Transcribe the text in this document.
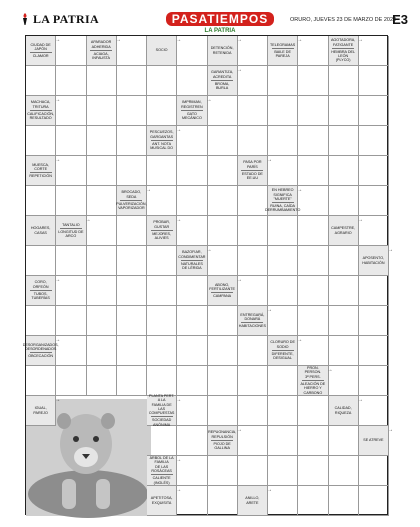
LA PATRIA	PASATIEMPOS
LA PATRIA
ORURO, JUEVES 23 DE MARZO DE 2023
E3
CIUDAD DE
JAPÓN
CLAMOR
→	APARADOR
ADHERIDA
ACIAGA,
INFAUSTA
→
SOCIO
→
DETENCIÓN,
RETENIDA
→
TELEGRAMAS
BAILE DE
PAREJA
→	AGOTADORA,
FATIGANTE
HEMBRA DEL
LEÓN
(PLYCO)
→
GARANTIZA,
ACREDITA
BROMA,
BURLA
→
MACHACA,
TRITURA
CALIFICACIÓN,
RESULTADO
→	IMPRIMAN,
REGISTREN
GATO
MECÁNICO
→
PESCUEZOS,
GARGANTAS
ANT. NOTA
MUSICAL DO
→
MUESCA,
CORTE
REPETICIÓN
→	PASA POR
PARÍS
ESTADO DE
EE.UU
→
BROCADO,
SEDA
PULVERIZACIÓN,
VAPORIZADOR
→	EN HEBREO
SIGNIFICA "MUERTE"
RUINA, CAÍDA
DERRUMBAMIENTO
→
HOGARES,
CASAS
TANTALIO
LONGITUD DE
ARCO
→	PROBAR,
GUSTAR
MEJORES,
ALIVIES
→
CAMPESTRE,
AGRARIO
→
BAZOFIAR,
CONDIMENTAR
NATURALES
DE LÉRIDA
→
APOSENTO,
HABITACIÓN
→
CORO,
ORFEÓN
TUBOS,
TUBERÍAS
→
ABONO,
FERTILIZANTE
CAMPANA
→
ENTREGARÁ,
DONARÁ
HABITACIONES
→
DESORGANIZADOS,
DESORDENADOS
OBCECACIÓN
→	CLORURO DE
SODIO
DIFERENTE,
DESIGUAL
→
PRON. PERSON.
3ª PERS.
ALEACIÓN DE
HIERRO Y
CARBONO
→
PLANTA PERT. A LA
FAMILIA DE LAS
COMPUESTAS
SOCIEDAD
ANÓNIMA
→
IGUAL,
PAREJO
→
CALIDAD,
RIQUEZA
→
REPUGNANCIA,
REPULSIÓN
PIOJO DE
GALLINA
→
SE ATREVE
→
ÁRBOL DE LA FAMILIA
DE LAS ROSÁCEAS
CALIENTE
(INGLÉS)
→
ANILLO,
ARETE
→
APETITOSA,
EXQUISITA
→
